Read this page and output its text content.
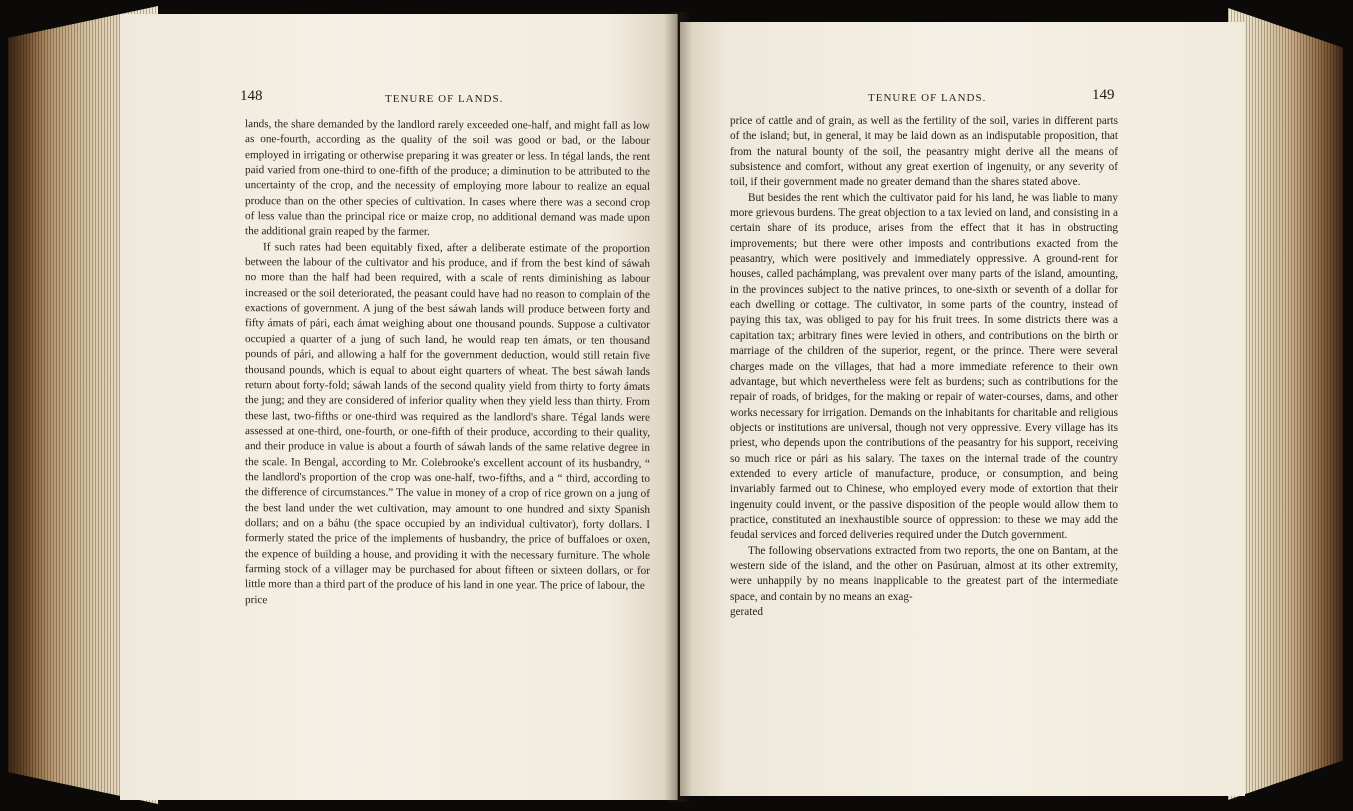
148	TENURE OF LANDS.	TENURE OF LANDS.	149

lands, the share demanded by the landlord rarely exceeded one-half, and might fall as low as one-fourth, according as the quality of the soil was good or bad, or the labour employed in irrigating or otherwise preparing it was greater or less. In tégal lands, the rent paid varied from one-third to one-fifth of the produce; a diminution to be attributed to the uncertainty of the crop, and the necessity of employing more labour to realize an equal produce than on the other species of cultivation. In cases where there was a second crop of less value than the principal rice or maize crop, no additional demand was made upon the additional grain reaped by the farmer.

If such rates had been equitably fixed, after a deliberate estimate of the proportion between the labour of the cultivator and his produce, and if from the best kind of sáwah no more than the half had been required, with a scale of rents diminishing as labour increased or the soil deteriorated, the peasant could have had no reason to complain of the exactions of government. A jung of the best sáwah lands will produce between forty and fifty ámats of pári, each ámat weighing about one thousand pounds. Suppose a cultivator occupied a quarter of a jung of such land, he would reap ten ámats, or ten thousand pounds of pári, and allowing a half for the government deduction, would still retain five thousand pounds, which is equal to about eight quarters of wheat. The best sáwah lands return about forty-fold; sáwah lands of the second quality yield from thirty to forty ámats the jung; and they are considered of inferior quality when they yield less than thirty. From these last, two-fifths or one-third was required as the landlord's share. Tégal lands were assessed at one-third, one-fourth, or one-fifth of their produce, according to their quality, and their produce in value is about a fourth of sáwah lands of the same relative degree in the scale. In Bengal, according to Mr. Colebrooke's excellent account of its husbandry, “ the landlord's proportion of the crop was one-half, two-fifths, and a “ third, according to the difference of circumstances.” The value in money of a crop of rice grown on a jung of the best land under the wet cultivation, may amount to one hundred and sixty Spanish dollars; and on a báhu (the space occupied by an individual cultivator), forty dollars. I formerly stated the price of the implements of husbandry, the price of buffaloes or oxen, the expence of building a house, and providing it with the necessary furniture. The whole farming stock of a villager may be purchased for about fifteen or sixteen dollars, or for little more than a third part of the produce of his land in one year. The price of labour, the

price

price of cattle and of grain, as well as the fertility of the soil, varies in different parts of the island; but, in general, it may be laid down as an indisputable proposition, that from the natural bounty of the soil, the peasantry might derive all the means of subsistence and comfort, without any great exertion of ingenuity, or any severity of toil, if their government made no greater demand than the shares stated above.

But besides the rent which the cultivator paid for his land, he was liable to many more grievous burdens. The great objection to a tax levied on land, and consisting in a certain share of its produce, arises from the effect that it has in obstructing improvements; but there were other imposts and contributions exacted from the peasantry, which were positively and immediately oppressive. A ground-rent for houses, called pachámplang, was prevalent over many parts of the island, amounting, in the provinces subject to the native princes, to one-sixth or seventh of a dollar for each dwelling or cottage. The cultivator, in some parts of the country, instead of paying this tax, was obliged to pay for his fruit trees. In some districts there was a capitation tax; arbitrary fines were levied in others, and contributions on the birth or marriage of the children of the superior, regent, or the prince. There were several charges made on the villages, that had a more immediate reference to their own advantage, but which nevertheless were felt as burdens; such as contributions for the repair of roads, of bridges, for the making or repair of water-courses, dams, and other works necessary for irrigation. Demands on the inhabitants for charitable and religious objects or institutions are universal, though not very oppressive. Every village has its priest, who depends upon the contributions of the peasantry for his support, receiving so much rice or pári as his salary. The taxes on the internal trade of the country extended to every article of manufacture, produce, or consumption, and being invariably farmed out to Chinese, who employed every mode of extortion that their ingenuity could invent, or the passive disposition of the people would allow them to practice, constituted an inexhaustible source of oppression: to these we may add the feudal services and forced deliveries required under the Dutch government.

The following observations extracted from two reports, the one on Bantam, at the western side of the island, and the other on Pasúruan, almost at its other extremity, were unhappily by no means inapplicable to the greatest part of the intermediate space, and contain by no means an exag-

gerated
